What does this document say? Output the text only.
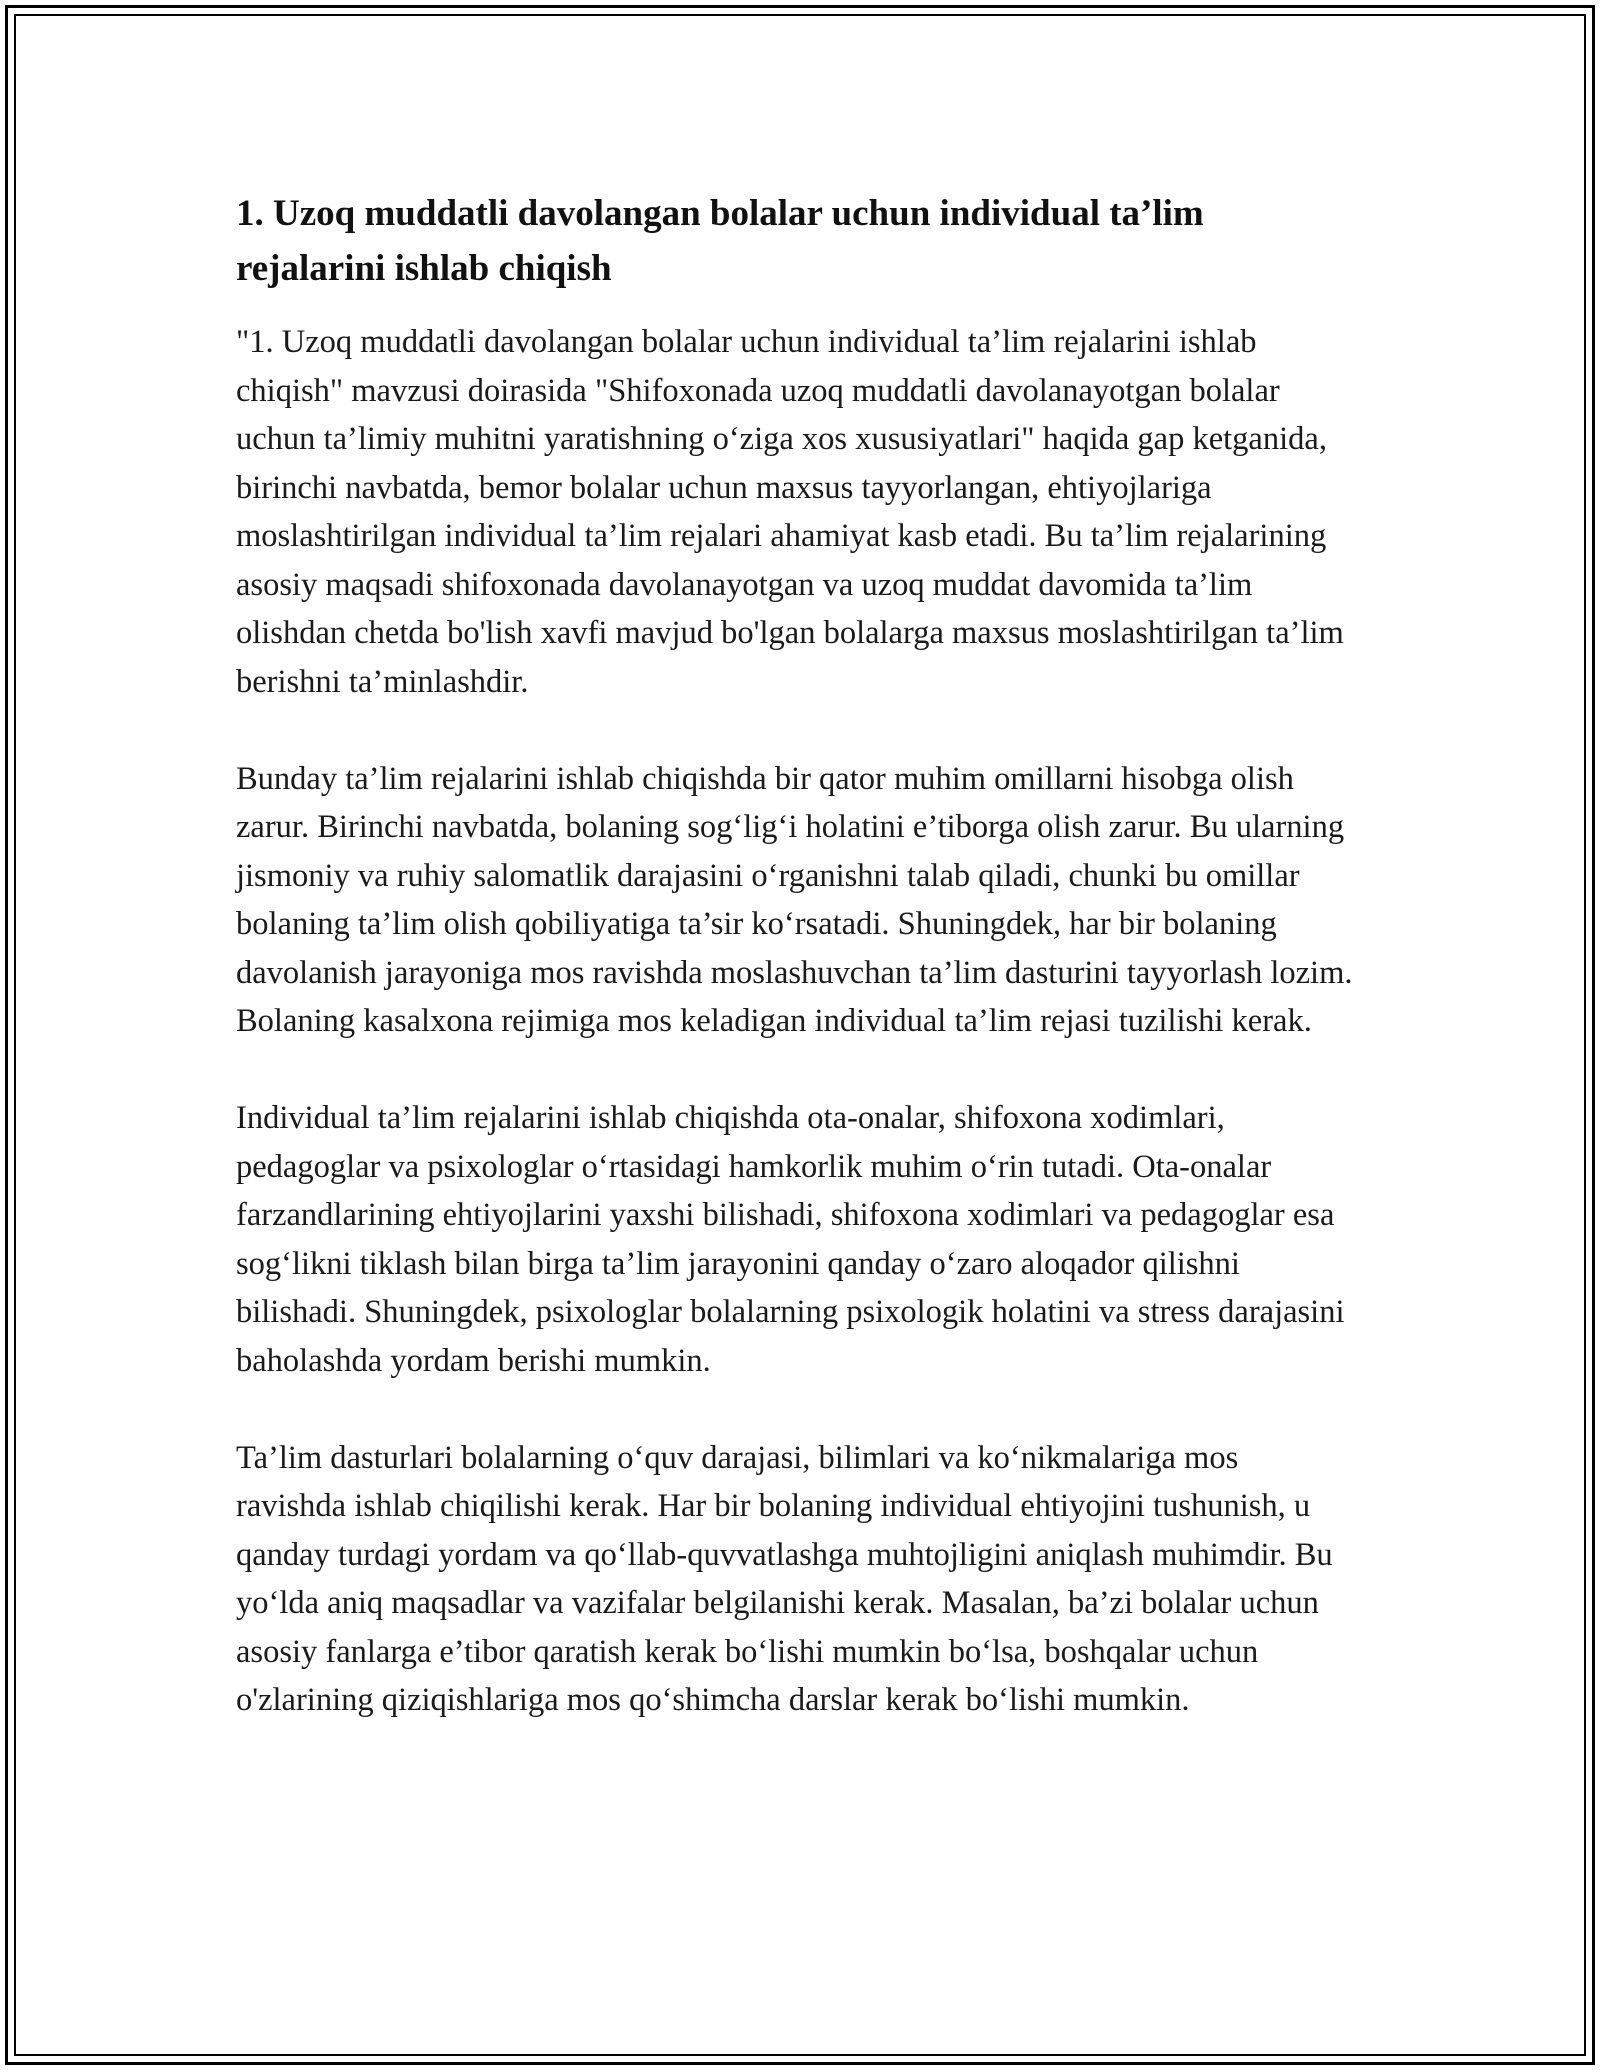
1. Uzoq muddatli davolangan bolalar uchun individual ta’lim rejalarini ishlab chiqish

"1. Uzoq muddatli davolangan bolalar uchun individual ta’lim rejalarini ishlab chiqish" mavzusi doirasida "Shifoxonada uzoq muddatli davolanayotgan bolalar uchun ta’limiy muhitni yaratishning o‘ziga xos xususiyatlari" haqida gap ketganida, birinchi navbatda, bemor bolalar uchun maxsus tayyorlangan, ehtiyojlariga moslashtirilgan individual ta’lim rejalari ahamiyat kasb etadi. Bu ta’lim rejalarining asosiy maqsadi shifoxonada davolanayotgan va uzoq muddat davomida ta’lim olishdan chetda bo'lish xavfi mavjud bo'lgan bolalarga maxsus moslashtirilgan ta’lim berishni ta’minlashdir.

Bunday ta’lim rejalarini ishlab chiqishda bir qator muhim omillarni hisobga olish zarur. Birinchi navbatda, bolaning sog‘lig‘i holatini e’tiborga olish zarur. Bu ularning jismoniy va ruhiy salomatlik darajasini o‘rganishni talab qiladi, chunki bu omillar bolaning ta’lim olish qobiliyatiga ta’sir ko‘rsatadi. Shuningdek, har bir bolaning davolanish jarayoniga mos ravishda moslashuvchan ta’lim dasturini tayyorlash lozim. Bolaning kasalxona rejimiga mos keladigan individual ta’lim rejasi tuzilishi kerak.

Individual ta’lim rejalarini ishlab chiqishda ota-onalar, shifoxona xodimlari, pedagoglar va psixologlar o‘rtasidagi hamkorlik muhim o‘rin tutadi. Ota-onalar farzandlarining ehtiyojlarini yaxshi bilishadi, shifoxona xodimlari va pedagoglar esa sog‘likni tiklash bilan birga ta’lim jarayonini qanday o‘zaro aloqador qilishni bilishadi. Shuningdek, psixologlar bolalarning psixologik holatini va stress darajasini baholashda yordam berishi mumkin.

Ta’lim dasturlari bolalarning o‘quv darajasi, bilimlari va ko‘nikmalariga mos ravishda ishlab chiqilishi kerak. Har bir bolaning individual ehtiyojini tushunish, u qanday turdagi yordam va qo‘llab-quvvatlashga muhtojligini aniqlash muhimdir. Bu yo‘lda aniq maqsadlar va vazifalar belgilanishi kerak. Masalan, ba’zi bolalar uchun asosiy fanlarga e’tibor qaratish kerak bo‘lishi mumkin bo‘lsa, boshqalar uchun o'zlarining qiziqishlariga mos qo‘shimcha darslar kerak bo‘lishi mumkin.
